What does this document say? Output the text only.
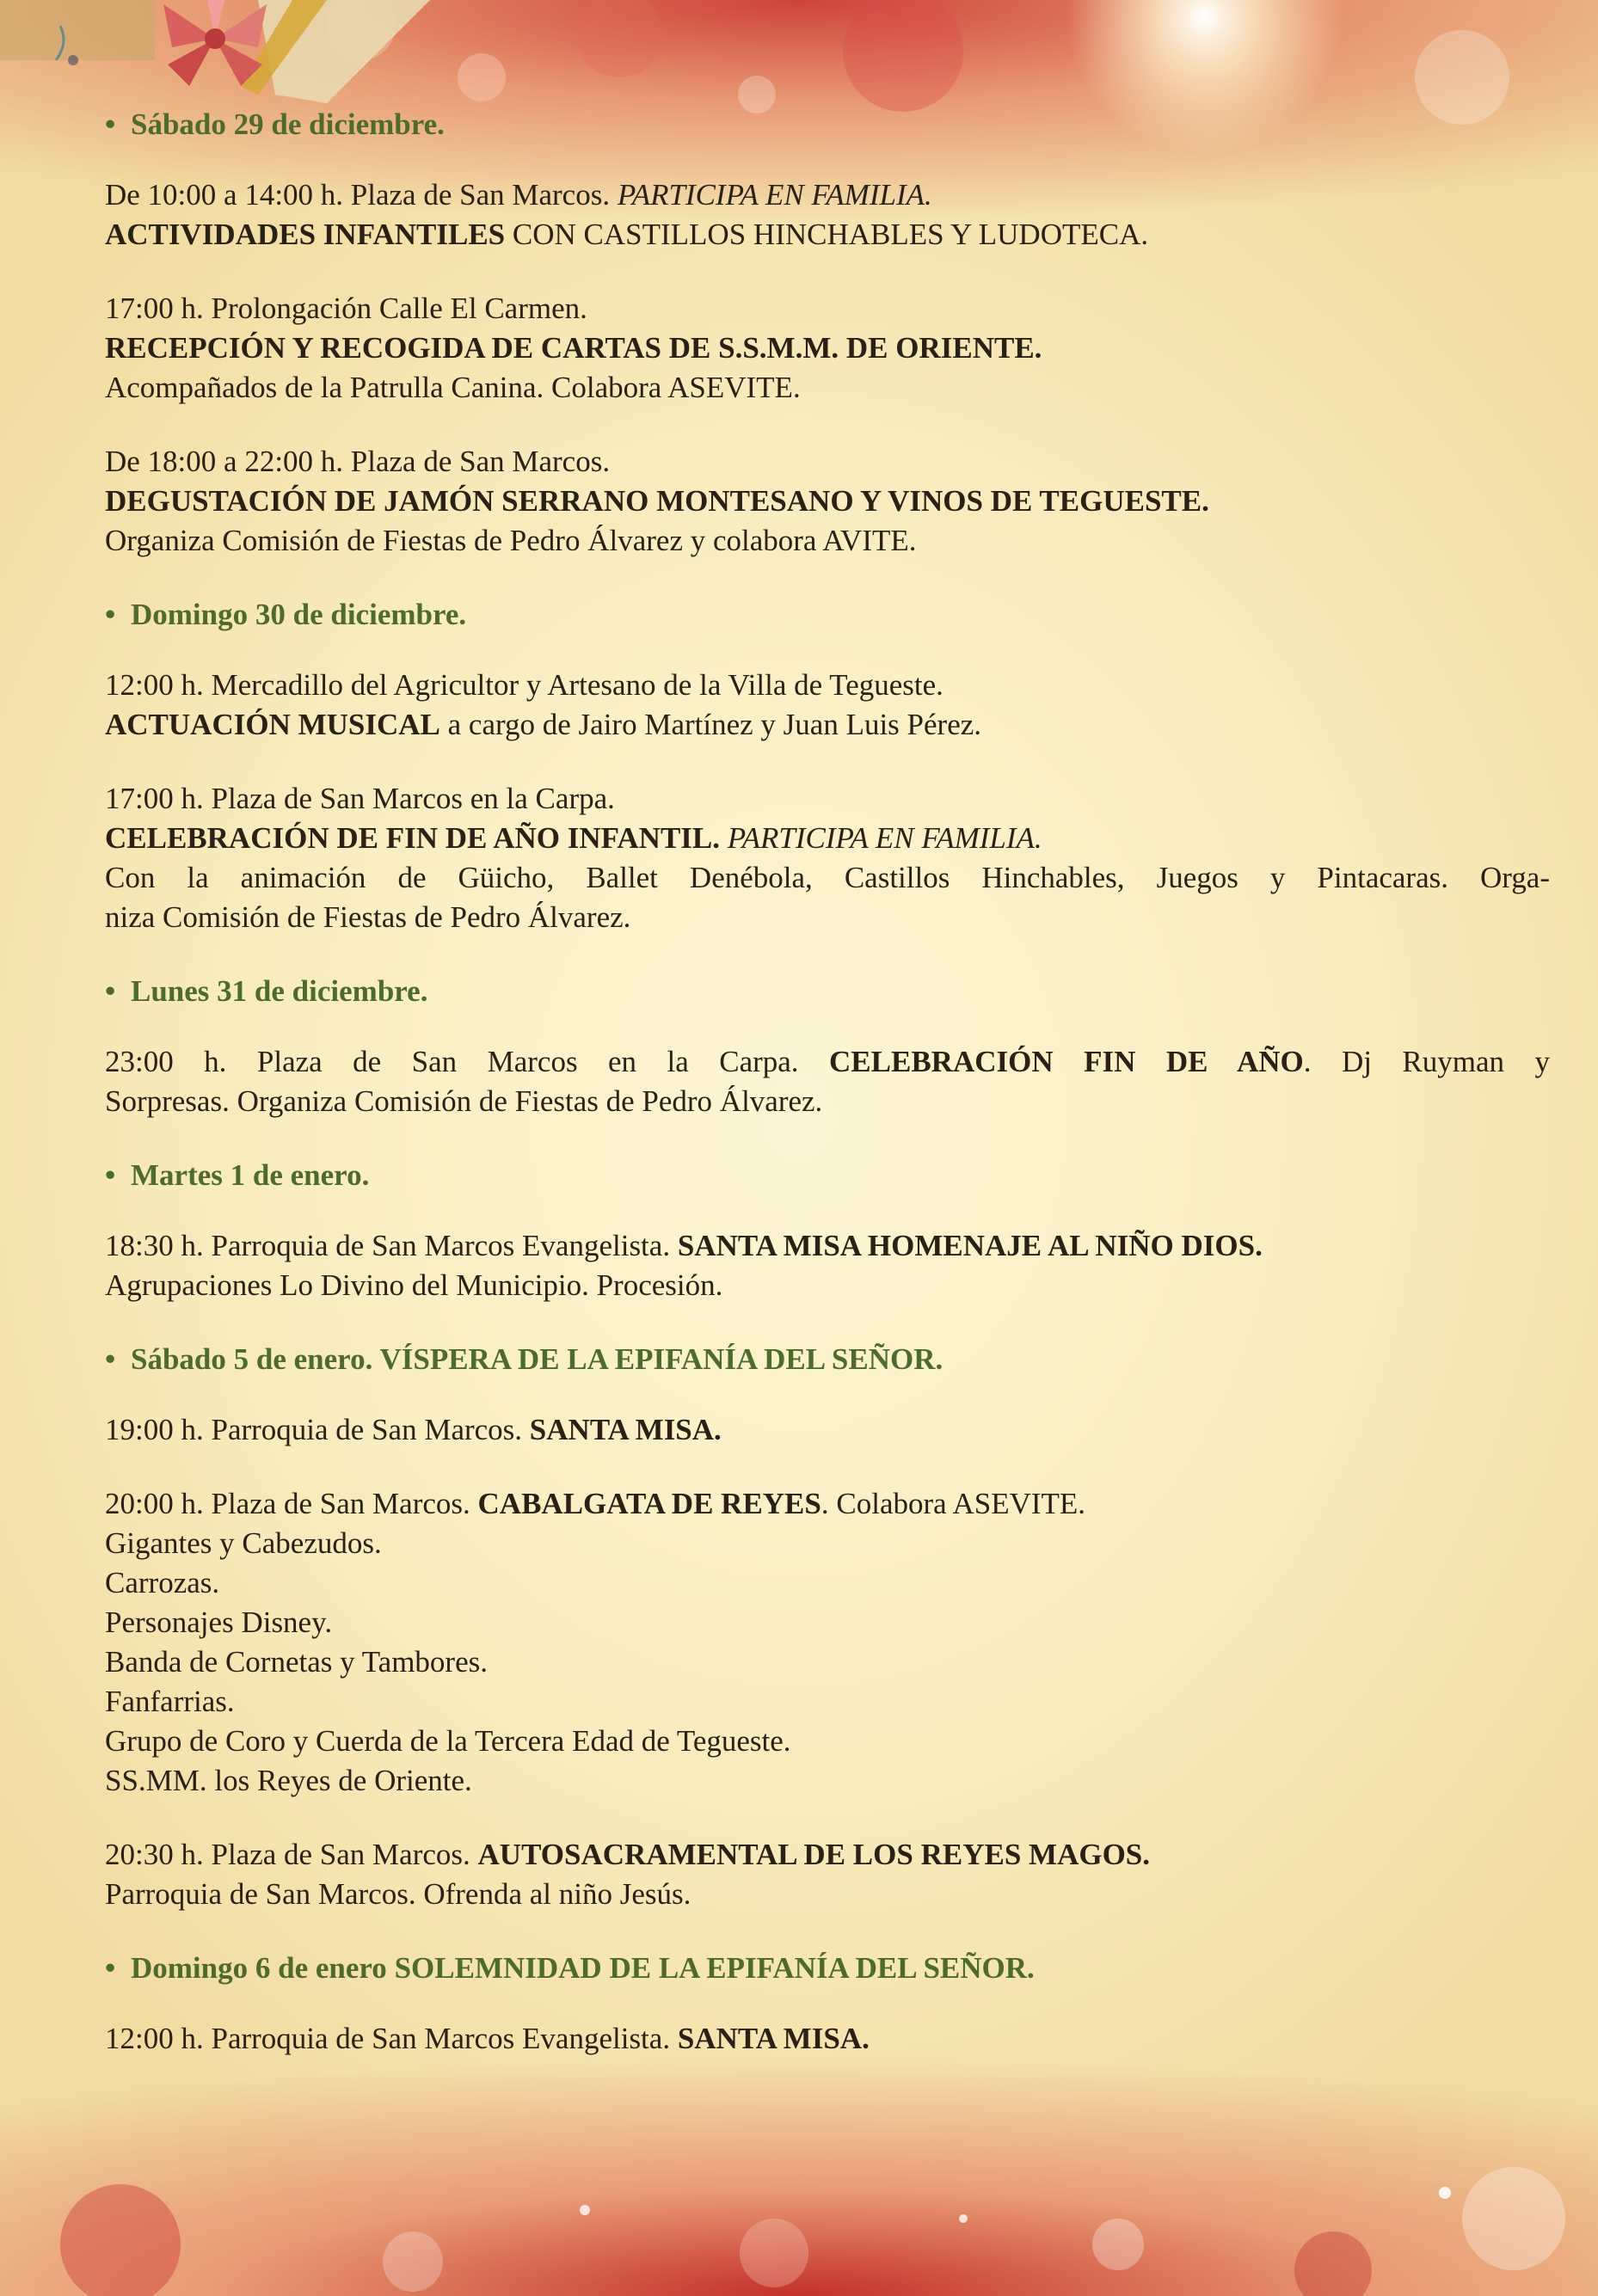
• Sábado 29 de diciembre.

De 10:00 a 14:00 h. Plaza de San Marcos. PARTICIPA EN FAMILIA.

ACTIVIDADES INFANTILES CON CASTILLOS HINCHABLES Y LUDOTECA.

17:00 h. Prolongación Calle El Carmen.

RECEPCIÓN Y RECOGIDA DE CARTAS DE S.S.M.M. DE ORIENTE.

Acompañados de la Patrulla Canina. Colabora ASEVITE.

De 18:00 a 22:00 h. Plaza de San Marcos.

DEGUSTACIÓN DE JAMÓN SERRANO MONTESANO Y VINOS DE TEGUESTE.

Organiza Comisión de Fiestas de Pedro Álvarez y colabora AVITE.

• Domingo 30 de diciembre.

12:00 h. Mercadillo del Agricultor y Artesano de la Villa de Tegueste.

ACTUACIÓN MUSICAL a cargo de Jairo Martínez y Juan Luis Pérez.

17:00 h. Plaza de San Marcos en la Carpa.

CELEBRACIÓN DE FIN DE AÑO INFANTIL. PARTICIPA EN FAMILIA.

Con la animación de Güicho, Ballet Denébola, Castillos Hinchables, Juegos y Pintacaras. Orga-

niza Comisión de Fiestas de Pedro Álvarez.

• Lunes 31 de diciembre.

23:00 h. Plaza de San Marcos en la Carpa. CELEBRACIÓN FIN DE AÑO. Dj Ruyman y

Sorpresas. Organiza Comisión de Fiestas de Pedro Álvarez.

• Martes 1 de enero.

18:30 h. Parroquia de San Marcos Evangelista. SANTA MISA HOMENAJE AL NIÑO DIOS.

Agrupaciones Lo Divino del Municipio. Procesión.

• Sábado 5 de enero. VÍSPERA DE LA EPIFANÍA DEL SEÑOR.

19:00 h. Parroquia de San Marcos. SANTA MISA.

20:00 h. Plaza de San Marcos. CABALGATA DE REYES. Colabora ASEVITE.

Gigantes y Cabezudos.

Carrozas.

Personajes Disney.

Banda de Cornetas y Tambores.

Fanfarrias.

Grupo de Coro y Cuerda de la Tercera Edad de Tegueste.

SS.MM. los Reyes de Oriente.

20:30 h. Plaza de San Marcos. AUTOSACRAMENTAL DE LOS REYES MAGOS.

Parroquia de San Marcos. Ofrenda al niño Jesús.

• Domingo 6 de enero SOLEMNIDAD DE LA EPIFANÍA DEL SEÑOR.

12:00 h. Parroquia de San Marcos Evangelista. SANTA MISA.
